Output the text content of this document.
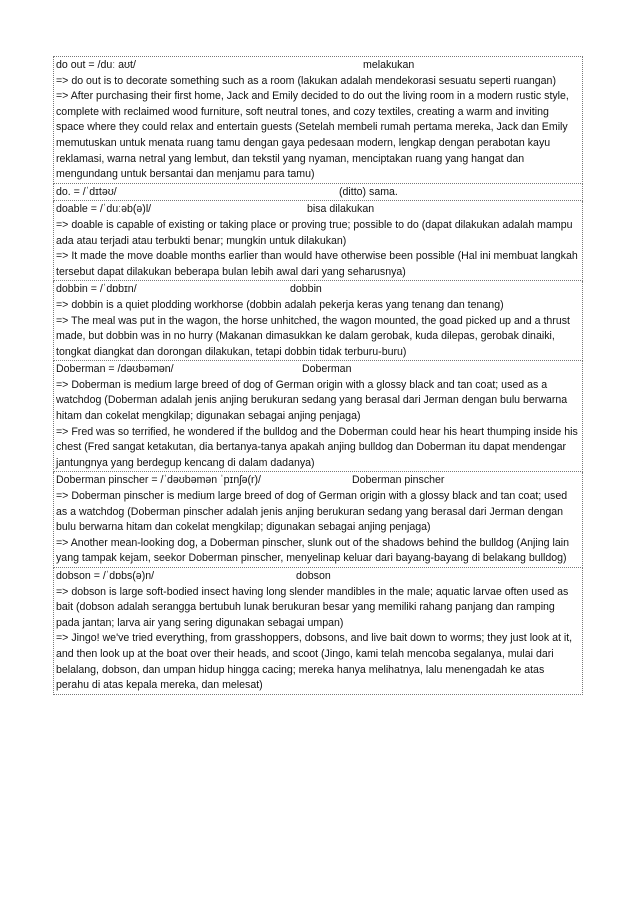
do out = /duː aʊt/	melakukan
=> do out is to decorate something such as a room (lakukan adalah mendekorasi sesuatu seperti ruangan)
=> After purchasing their first home, Jack and Emily decided to do out the living room in a modern rustic style, complete with reclaimed wood furniture, soft neutral tones, and cozy textiles, creating a warm and inviting space where they could relax and entertain guests (Setelah membeli rumah pertama mereka, Jack dan Emily memutuskan untuk menata ruang tamu dengan gaya pedesaan modern, lengkap dengan perabotan kayu reklamasi, warna netral yang lembut, dan tekstil yang nyaman, menciptakan ruang yang hangat dan mengundang untuk bersantai dan menjamu para tamu)
do. = /ˈdɪtəʊ/	(ditto) sama.
doable = /ˈduːəb(ə)l/	bisa dilakukan
=> doable is capable of existing or taking place or proving true; possible to do (dapat dilakukan adalah mampu ada atau terjadi atau terbukti benar; mungkin untuk dilakukan)
=> It made the move doable months earlier than would have otherwise been possible (Hal ini membuat langkah tersebut dapat dilakukan beberapa bulan lebih awal dari yang seharusnya)
dobbin = /ˈdɒbɪn/	dobbin
=> dobbin is a quiet plodding workhorse (dobbin adalah pekerja keras yang tenang dan tenang)
=> The meal was put in the wagon, the horse unhitched, the wagon mounted, the goad picked up and a thrust made, but dobbin was in no hurry (Makanan dimasukkan ke dalam gerobak, kuda dilepas, gerobak dinaiki, tongkat diangkat dan dorongan dilakukan, tetapi dobbin tidak terburu-buru)
Doberman = /dəʊbəmən/	Doberman
=> Doberman is medium large breed of dog of German origin with a glossy black and tan coat; used as a watchdog (Doberman adalah jenis anjing berukuran sedang yang berasal dari Jerman dengan bulu berwarna hitam dan cokelat mengkilap; digunakan sebagai anjing penjaga)
=> Fred was so terrified, he wondered if the bulldog and the Doberman could hear his heart thumping inside his chest (Fred sangat ketakutan, dia bertanya-tanya apakah anjing bulldog dan Doberman itu dapat mendengar jantungnya yang berdegup kencang di dalam dadanya)
Doberman pinscher = /ˈdəʊbəmən ˈpɪnʃə(r)/	Doberman pinscher
=> Doberman pinscher is medium large breed of dog of German origin with a glossy black and tan coat; used as a watchdog (Doberman pinscher adalah jenis anjing berukuran sedang yang berasal dari Jerman dengan bulu berwarna hitam dan cokelat mengkilap; digunakan sebagai anjing penjaga)
=> Another mean-looking dog, a Doberman pinscher, slunk out of the shadows behind the bulldog (Anjing lain yang tampak kejam, seekor Doberman pinscher, menyelinap keluar dari bayang-bayang di belakang bulldog)
dobson = /ˈdɒbs(ə)n/	dobson
=> dobson is large soft-bodied insect having long slender mandibles in the male; aquatic larvae often used as bait (dobson adalah serangga bertubuh lunak berukuran besar yang memiliki rahang panjang dan ramping pada jantan; larva air yang sering digunakan sebagai umpan)
=> Jingo! we've tried everything, from grasshoppers, dobsons, and live bait down to worms; they just look at it, and then look up at the boat over their heads, and scoot (Jingo, kami telah mencoba segalanya, mulai dari belalang, dobson, dan umpan hidup hingga cacing; mereka hanya melihatnya, lalu menengadah ke atas perahu di atas kepala mereka, dan melesat)
